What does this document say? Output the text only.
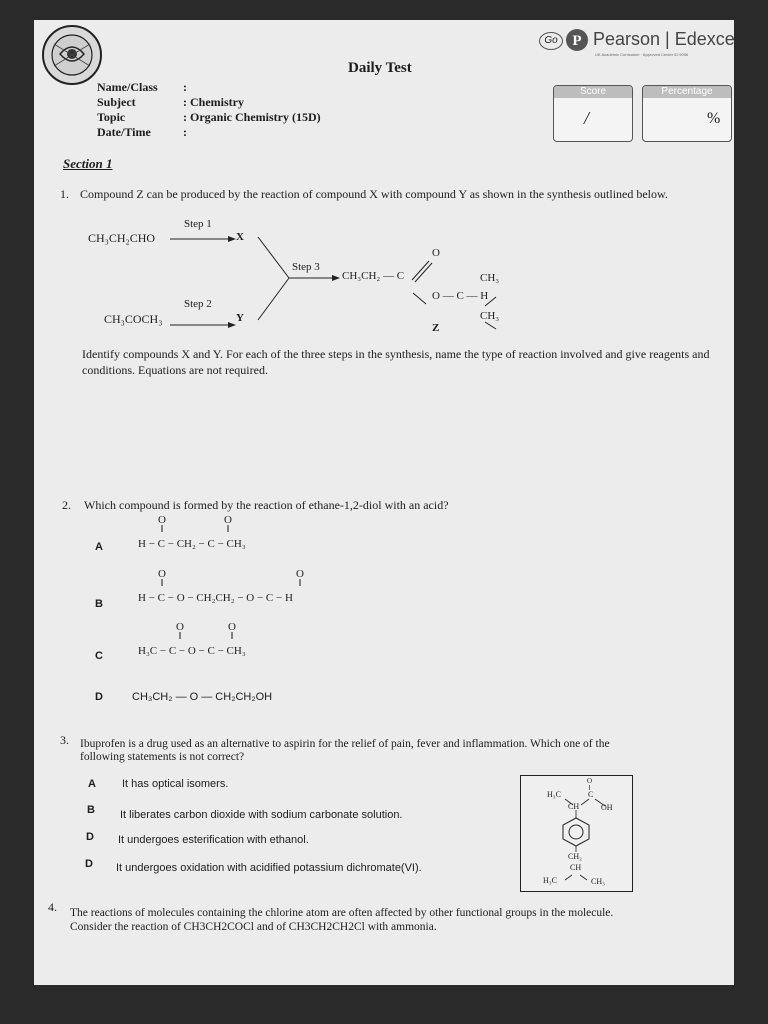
Go P Pearson | Edexce
UK Academic Curriculum · Approved Center ID 9096
Daily Test
Name/Class :
Subject	: Chemistry
Topic	: Organic Chemistry (15D)
Date/Time	:
Score
/
Percentage
%
Section 1
1. Compound Z can be produced by the reaction of compound X with compound Y as shown in the synthesis outlined below.
CH₃CH₂CHO
Step 1
X
CH₃COCH₃
Step 2
Y
Step 3
CH₃CH₂ — C
O
O — C — H
CH₃
CH₃
Z
Identify compounds X and Y. For each of the three steps in the synthesis, name the type of reaction involved and give reagents and conditions. Equations are not required.
2. Which compound is formed by the reaction of ethane-1,2-diol with an acid?
A	H − C − CH₂ − C − CH₃
O
‖
O
‖
B	H − C − O − CH₂CH₂ − O − C − H
O
‖
O
‖
C	H₃C − C − O − C − CH₃
O
‖
O
‖
D	CH₃CH₂ — O — CH₂CH₂OH
3. Ibuprofen is a drug used as an alternative to aspirin for the relief of pain, fever and inflammation. Which one of the
following statements is not correct?
A It has optical isomers.
B It liberates carbon dioxide with sodium carbonate solution.
D It undergoes esterification with ethanol.
D It undergoes oxidation with acidified potassium dichromate(VI).
O
‖
H₃C	C
CH	OH
CH₂
CH
H₃C	CH₃
4. The reactions of molecules containing the chlorine atom are often affected by other functional groups in the molecule.
Consider the reaction of CH3CH2COCl and of CH3CH2CH2Cl with ammonia.
